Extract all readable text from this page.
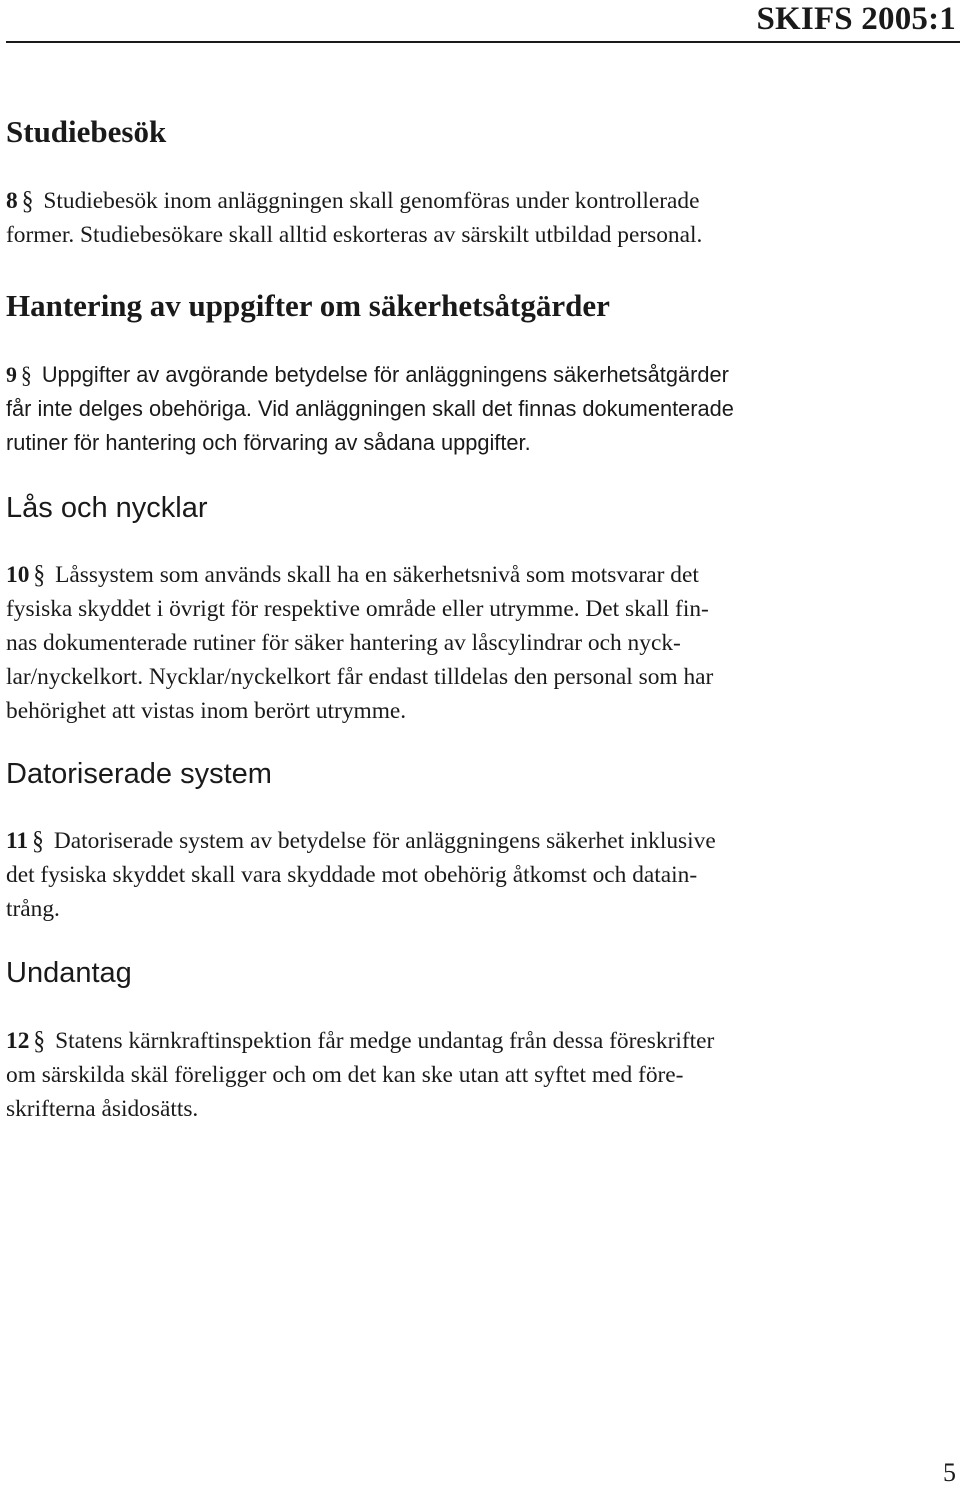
SKIFS 2005:1
Studiebesök
8 § Studiebesök inom anläggningen skall genomföras under kontrollerade
former. Studiebesökare skall alltid eskorteras av särskilt utbildad personal.
Hantering av uppgifter om säkerhetsåtgärder
9 § Uppgifter av avgörande betydelse för anläggningens säkerhetsåtgärder
får inte delges obehöriga. Vid anläggningen skall det finnas dokumenterade
rutiner för hantering och förvaring av sådana uppgifter.
Lås och nycklar
10 § Låssystem som används skall ha en säkerhetsnivå som motsvarar det
fysiska skyddet i övrigt för respektive område eller utrymme. Det skall fin-
nas dokumenterade rutiner för säker hantering av låscylindrar och nyck-
lar/nyckelkort. Nycklar/nyckelkort får endast tilldelas den personal som har
behörighet att vistas inom berört utrymme.
Datoriserade system
11 § Datoriserade system av betydelse för anläggningens säkerhet inklusive
det fysiska skyddet skall vara skyddade mot obehörig åtkomst och datain-
trång.
Undantag
12 § Statens kärnkraftinspektion får medge undantag från dessa föreskrifter
om särskilda skäl föreligger och om det kan ske utan att syftet med före-
skrifterna åsidosätts.
5
